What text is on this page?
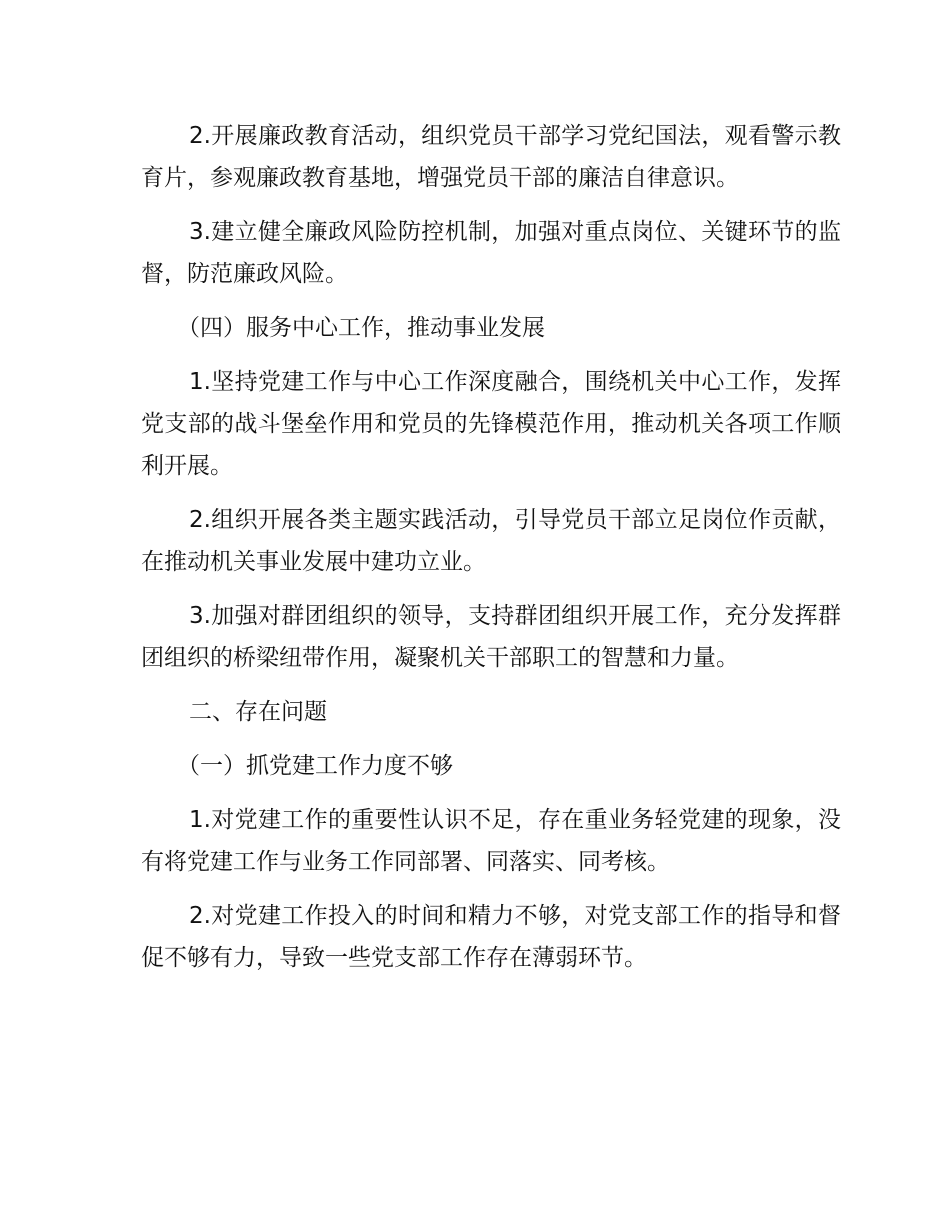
2.开展廉政教育活动，组织党员干部学习党纪国法，观看警示教育片，参观廉政教育基地，增强党员干部的廉洁自律意识。

3.建立健全廉政风险防控机制，加强对重点岗位、关键环节的监督，防范廉政风险。

（四）服务中心工作，推动事业发展

1.坚持党建工作与中心工作深度融合，围绕机关中心工作，发挥党支部的战斗堡垒作用和党员的先锋模范作用，推动机关各项工作顺利开展。

2.组织开展各类主题实践活动，引导党员干部立足岗位作贡献，在推动机关事业发展中建功立业。

3.加强对群团组织的领导，支持群团组织开展工作，充分发挥群团组织的桥梁纽带作用，凝聚机关干部职工的智慧和力量。

二、存在问题

（一）抓党建工作力度不够

1.对党建工作的重要性认识不足，存在重业务轻党建的现象，没有将党建工作与业务工作同部署、同落实、同考核。

2.对党建工作投入的时间和精力不够，对党支部工作的指导和督促不够有力，导致一些党支部工作存在薄弱环节。
